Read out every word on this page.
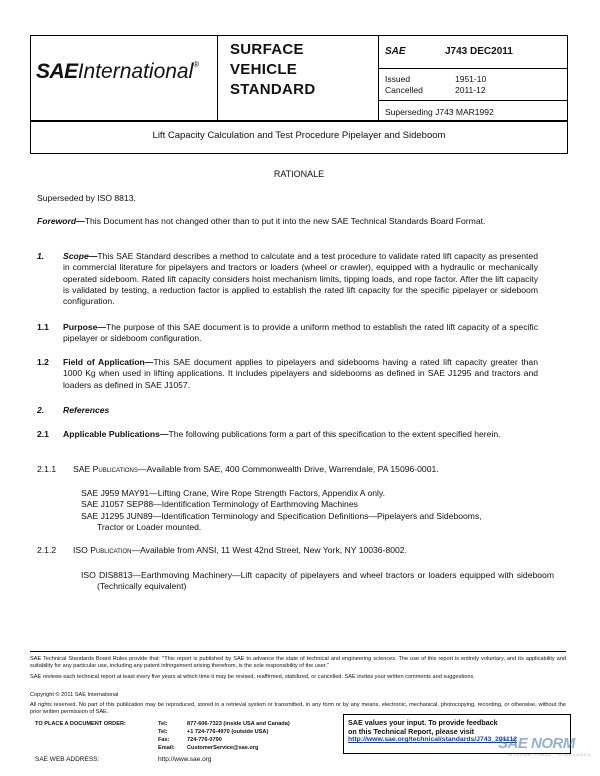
SAEInternational®
SURFACE
VEHICLE
STANDARD
SAE	J743 DEC2011
Issued	1951-10
Cancelled	2011-12
Superseding J743 MAR1992
Lift Capacity Calculation and Test Procedure Pipelayer and Sideboom
RATIONALE
Superseded by ISO 8813.
Foreword—This Document has not changed other than to put it into the new SAE Technical Standards Board Format.
1. Scope—This SAE Standard describes a method to calculate and a test procedure to validate rated lift capacity as presented in commercial literature for pipelayers and tractors or loaders (wheel or crawler), equipped with a hydraulic or mechanically operated sideboom. Rated lift capacity considers hoist mechanism limits, tipping loads, and rope factor. After the lift capacity is validated by testing, a reduction factor is applied to establish the rated lift capacity for the specific pipelayer or sideboom configuration.
1.1 Purpose—The purpose of this SAE document is to provide a uniform method to establish the rated lift capacity of a specific pipelayer or sideboom configuration.
1.2 Field of Application—This SAE document applies to pipelayers and sidebooms having a rated lift capacity greater than 1000 Kg when used in lifting applications. It includes pipelayers and sidebooms as defined in SAE J1295 and tractors and loaders as defined in SAE J1057.
2. References
2.1 Applicable Publications—The following publications form a part of this specification to the extent specified herein.
2.1.1 SAE Publications—Available from SAE, 400 Commonwealth Drive, Warrendale, PA 15096-0001.
SAE J959 MAY91—Lifting Crane, Wire Rope Strength Factors, Appendix A only.
SAE J1057 SEP88—Identification Terminology of Earthmoving Machines
SAE J1295 JUN89—Identification Terminology and Specification Definitions—Pipelayers and Sidebooms,
Tractor or Loader mounted.
2.1.2 ISO Publication—Available from ANSI, 11 West 42nd Street, New York, NY 10036-8002.
ISO DIS8813—Earthmoving Machinery—Lift capacity of pipelayers and wheel tractors or loaders equipped with sideboom (Technically equivalent)
SAE Technical Standards Board Rules provide that: "This report is published by SAE to advance the state of technical and engineering sciences. The use of this report is entirely voluntary, and its applicability and suitability for any particular use, including any patent infringement arising therefrom, is the sole responsibility of the user."
SAE reviews each technical report at least every five years at which time it may be revised, reaffirmed, stabilized, or cancelled. SAE invites your written comments and suggestions.
Copyright © 2011 SAE International
All rights reserved. No part of this publication may be reproduced, stored in a retrieval system or transmitted, in any form or by any means, electronic, mechanical, photocopying, recording, or otherwise, without the prior written permission of SAE.
TO PLACE A DOCUMENT ORDER:	Tel:	877-606-7323 (inside USA and Canada)
Tel:	+1 724-776-4970 (outside USA)
Fax:	724-776-0790
Email: CustomerService@sae.org
SAE WEB ADDRESS:	http://www.sae.org
SAE values your input. To provide feedback
on this Technical Report, please visit
http://www.sae.org/technical/standards/J743_201112
SAE NORM
INTERNATIONAL · STANDARDS
